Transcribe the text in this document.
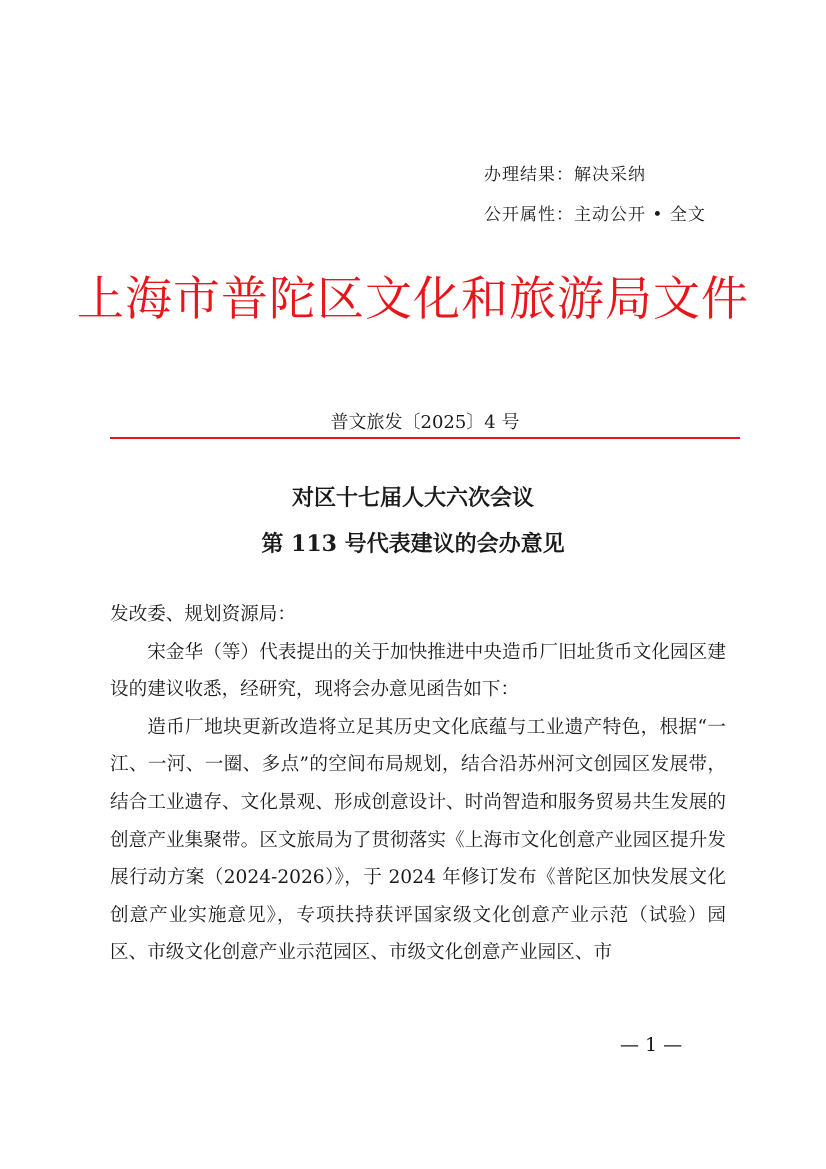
办理结果：解决采纳
公开属性：主动公开 • 全文
上海市普陀区文化和旅游局文件
普文旅发〔2025〕4 号
对区十七届人大六次会议
第 113 号代表建议的会办意见

发改委、规划资源局：

宋金华（等）代表提出的关于加快推进中央造币厂旧址货币文化园区建设的建议收悉，经研究，现将会办意见函告如下：

造币厂地块更新改造将立足其历史文化底蕴与工业遗产特色，根据“一江、一河、一圈、多点”的空间布局规划，结合沿苏州河文创园区发展带，结合工业遗存、文化景观、形成创意设计、时尚智造和服务贸易共生发展的创意产业集聚带。区文旅局为了贯彻落实《上海市文化创意产业园区提升发展行动方案（2024-2026）》，于 2024 年修订发布《普陀区加快发展文化创意产业实施意见》，专项扶持获评国家级文化创意产业示范（试验）园区、市级文化创意产业示范园区、市级文化创意产业园区、市

— 1 —
